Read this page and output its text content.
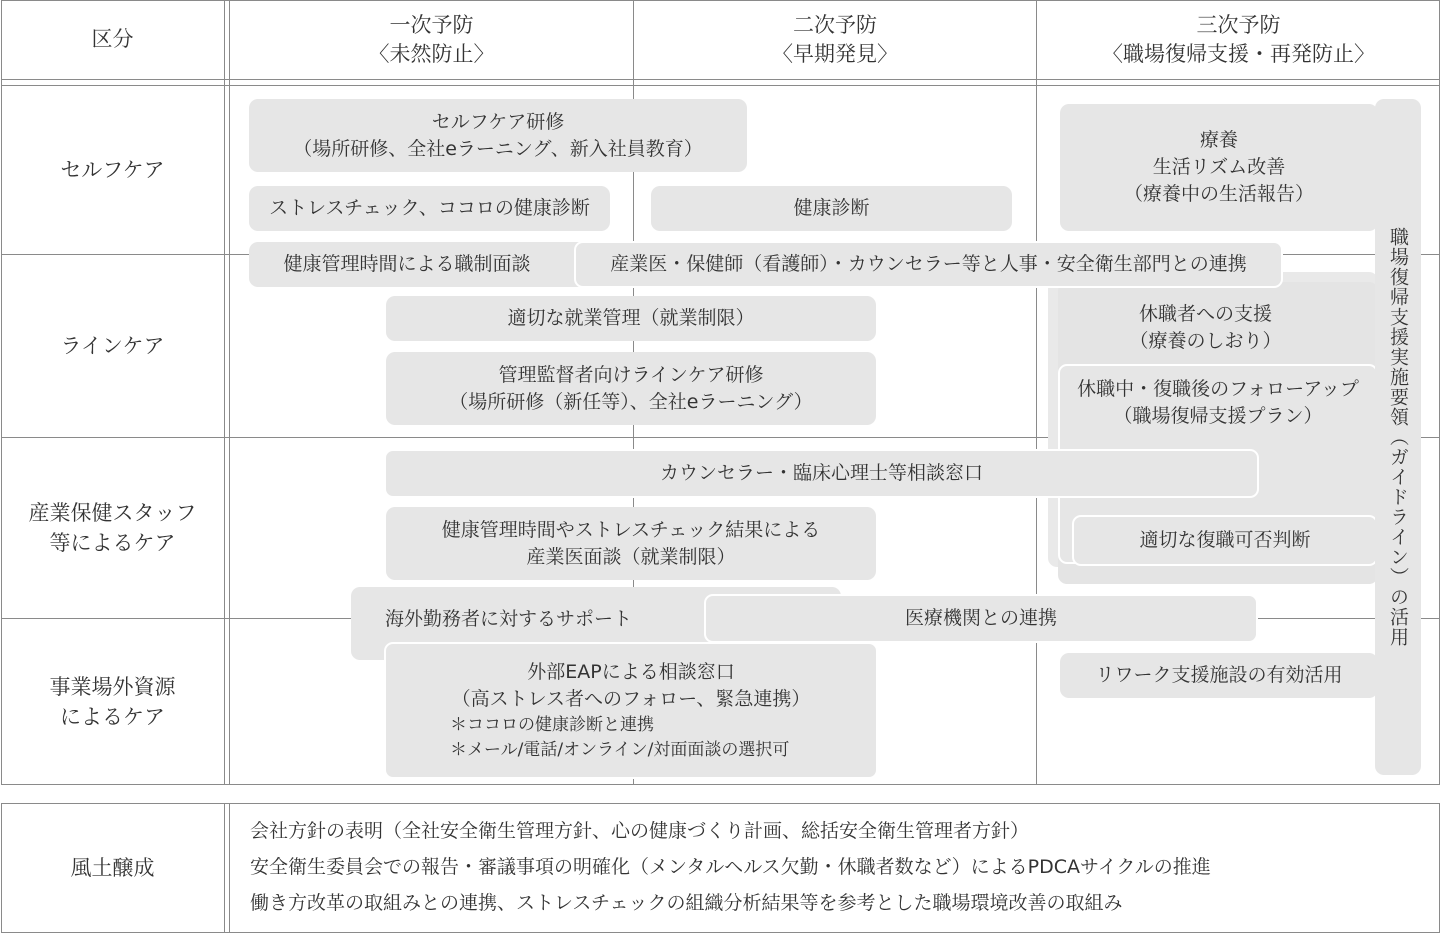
区分
一次予防
〈未然防止〉
二次予防
〈早期発見〉
三次予防
〈職場復帰支援・再発防止〉
セルフケア
ラインケア
産業保健スタッフ
等によるケア
事業場外資源
によるケア
セルフケア研修
（場所研修、全社eラーニング、新入社員教育）
ストレスチェック、ココロの健康診断	健康診断
療養
生活リズム改善
（療養中の生活報告）
健康管理時間による職制面談	産業医・保健師（看護師）・カウンセラー等と人事・安全衛生部門との連携
適切な就業管理（就業制限）
管理監督者向けラインケア研修
（場所研修（新任等）、全社eラーニング）
休職者への支援
（療養のしおり）
休職中・復職後のフォローアップ
（職場復帰支援プラン）
カウンセラー・臨床心理士等相談窓口
健康管理時間やストレスチェック結果による
産業医面談（就業制限）
適切な復職可否判断
海外勤務者に対するサポート
外部EAPによる相談窓口
（高ストレス者へのフォロー、緊急連携）
＊ココロの健康診断と連携
＊メール/電話/オンライン/対面面談の選択可
医療機関との連携
リワーク支援施設の有効活用
職場復帰支援実施要領（ガイドライン）の活用
風土醸成
会社方針の表明（全社安全衛生管理方針、心の健康づくり計画、総括安全衛生管理者方針）
安全衛生委員会での報告・審議事項の明確化（メンタルヘルス欠勤・休職者数など）によるPDCAサイクルの推進
働き方改革の取組みとの連携、ストレスチェックの組織分析結果等を参考とした職場環境改善の取組み
